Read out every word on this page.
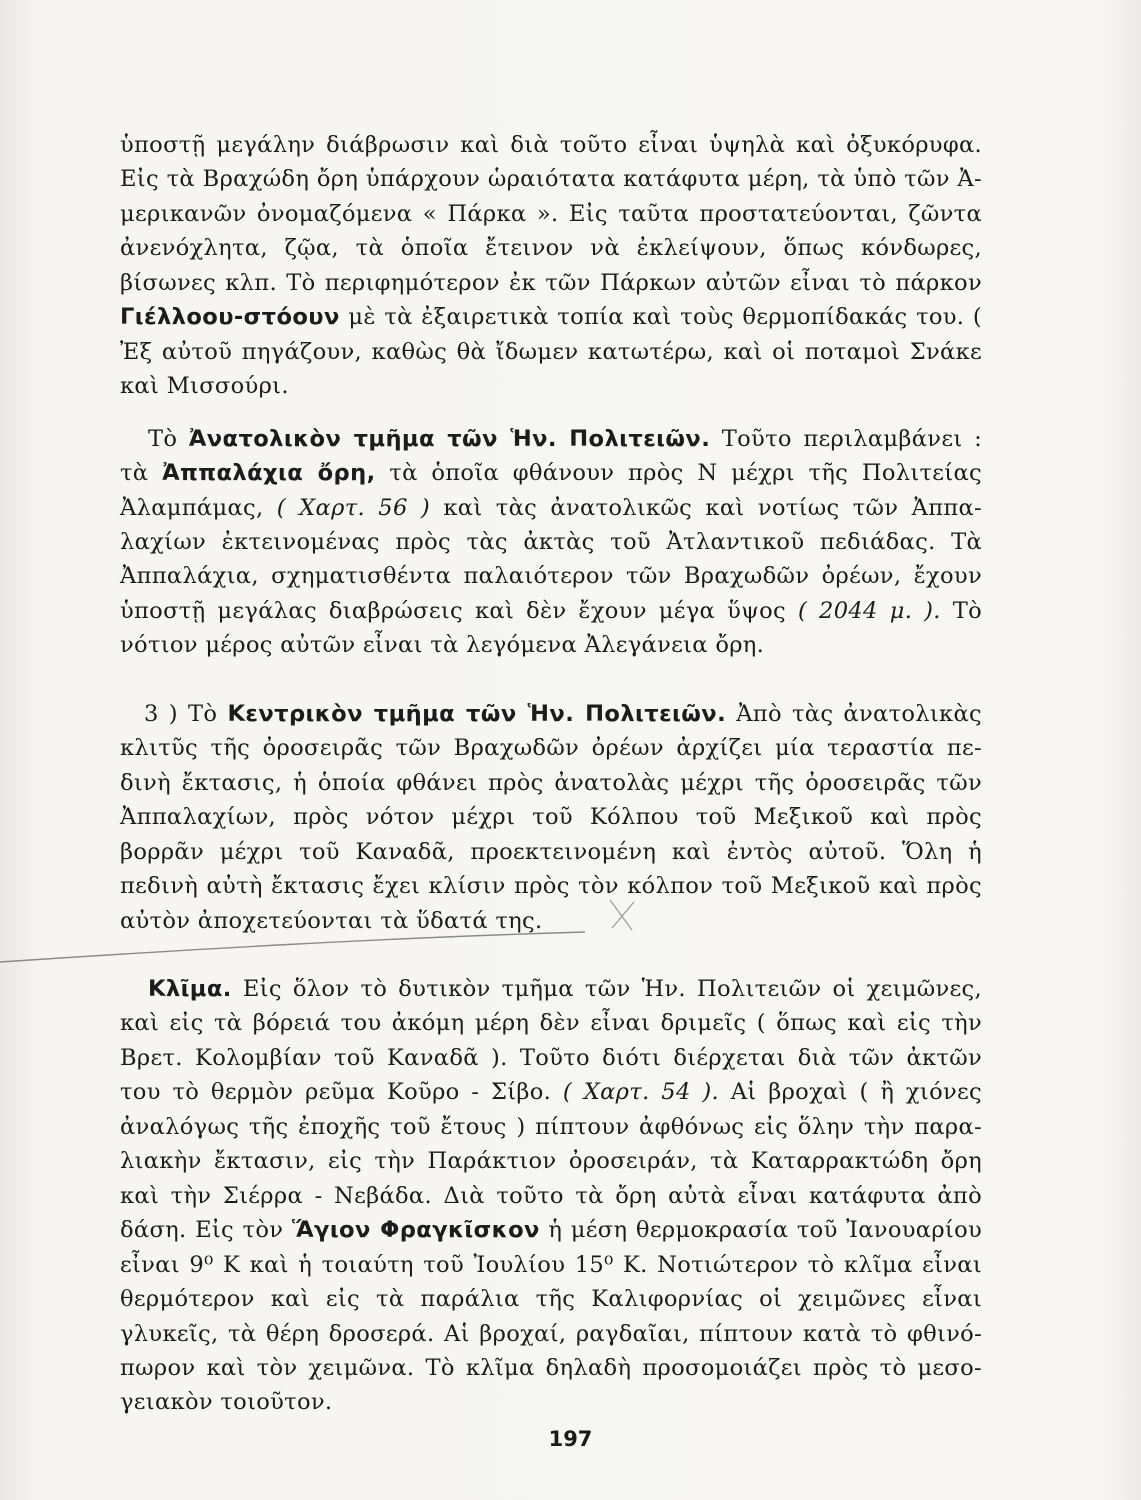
ὑποστῇ μεγάλην διάβρωσιν καὶ διὰ τοῦτο εἶναι ὑψηλὰ καὶ ὀξυκόρυφα. Εἰς τὰ Βραχώδη ὄρη ὑπάρχουν ὡραιότατα κατάφυτα μέρη, τὰ ὑπὸ τῶν Ἀ-μερικανῶν ὀνομαζόμενα « Πάρκα ». Εἰς ταῦτα προστατεύονται, ζῶντα ἀνενόχλητα, ζῷα, τὰ ὁποῖα ἔτεινον νὰ ἐκλείψουν, ὅπως κόνδωρες, βίσωνες κλπ. Τὸ περιφημότερον ἐκ τῶν Πάρκων αὐτῶν εἶναι τὸ πάρκον Γιέλλοου-στόουν μὲ τὰ ἐξαιρετικὰ τοπία καὶ τοὺς θερμοπίδακάς του. ( Ἐξ αὐτοῦ πηγάζουν, καθὼς θὰ ἴδωμεν κατωτέρω, καὶ οἱ ποταμοὶ Σνάκε καὶ Μισσούρι.

Τὸ Ἀνατολικὸν τμῆμα τῶν Ἡν. Πολιτειῶν. Τοῦτο περιλαμβάνει : τὰ Ἀππαλάχια ὄρη, τὰ ὁποῖα φθάνουν πρὸς Ν μέχρι τῆς Πολιτείας Ἀλαμπάμας, ( Χαρτ. 56 ) καὶ τὰς ἀνατολικῶς καὶ νοτίως τῶν Ἀππα-λαχίων ἐκτεινομένας πρὸς τὰς ἀκτὰς τοῦ Ἀτλαντικοῦ πεδιάδας. Τὰ Ἀππαλάχια, σχηματισθέντα παλαιότερον τῶν Βραχωδῶν ὀρέων, ἔχουν ὑποστῇ μεγάλας διαβρώσεις καὶ δὲν ἔχουν μέγα ὕψος ( 2044 μ. ). Τὸ νότιον μέρος αὐτῶν εἶναι τὰ λεγόμενα Ἀλεγάνεια ὄρη.

3 ) Τὸ Κεντρικὸν τμῆμα τῶν Ἡν. Πολιτειῶν. Ἀπὸ τὰς ἀνατολικὰς κλιτῦς τῆς ὀροσειρᾶς τῶν Βραχωδῶν ὀρέων ἀρχίζει μία τεραστία πε-δινὴ ἔκτασις, ἡ ὁποία φθάνει πρὸς ἀνατολὰς μέχρι τῆς ὀροσειρᾶς τῶν Ἀππαλαχίων, πρὸς νότον μέχρι τοῦ Κόλπου τοῦ Μεξικοῦ καὶ πρὸς βορρᾶν μέχρι τοῦ Καναδᾶ, προεκτεινομένη καὶ ἐντὸς αὐτοῦ. Ὅλη ἡ πεδινὴ αὐτὴ ἔκτασις ἔχει κλίσιν πρὸς τὸν κόλπον τοῦ Μεξικοῦ καὶ πρὸς αὐτὸν ἀποχετεύονται τὰ ὕδατά της.

Κλῖμα. Εἰς ὅλον τὸ δυτικὸν τμῆμα τῶν Ἡν. Πολιτειῶν οἱ χειμῶνες, καὶ εἰς τὰ βόρειά του ἀκόμη μέρη δὲν εἶναι δριμεῖς ( ὅπως καὶ εἰς τὴν Βρετ. Κολομβίαν τοῦ Καναδᾶ ). Τοῦτο διότι διέρχεται διὰ τῶν ἀκτῶν του τὸ θερμὸν ρεῦμα Κοῦρο - Σίβο. ( Χαρτ. 54 ). Αἱ βροχαὶ ( ἢ χιόνες ἀναλόγως τῆς ἐποχῆς τοῦ ἔτους ) πίπτουν ἀφθόνως εἰς ὅλην τὴν παρα-λιακὴν ἔκτασιν, εἰς τὴν Παράκτιον ὀροσειράν, τὰ Καταρρακτώδη ὄρη καὶ τὴν Σιέρρα - Νεβάδα. Διὰ τοῦτο τὰ ὄρη αὐτὰ εἶναι κατάφυτα ἀπὸ δάση. Εἰς τὸν Ἅγιον Φραγκῖσκον ἡ μέση θερμοκρασία τοῦ Ἰανουαρίου εἶναι 9⁰ Κ καὶ ἡ τοιαύτη τοῦ Ἰουλίου 15⁰ Κ. Νοτιώτερον τὸ κλῖμα εἶναι θερμότερον καὶ εἰς τὰ παράλια τῆς Καλιφορνίας οἱ χειμῶνες εἶναι γλυκεῖς, τὰ θέρη δροσερά. Αἱ βροχαί, ραγδαῖαι, πίπτουν κατὰ τὸ φθινό-πωρον καὶ τὸν χειμῶνα. Τὸ κλῖμα δηλαδὴ προσομοιάζει πρὸς τὸ μεσο-γειακὸν τοιοῦτον.

197
